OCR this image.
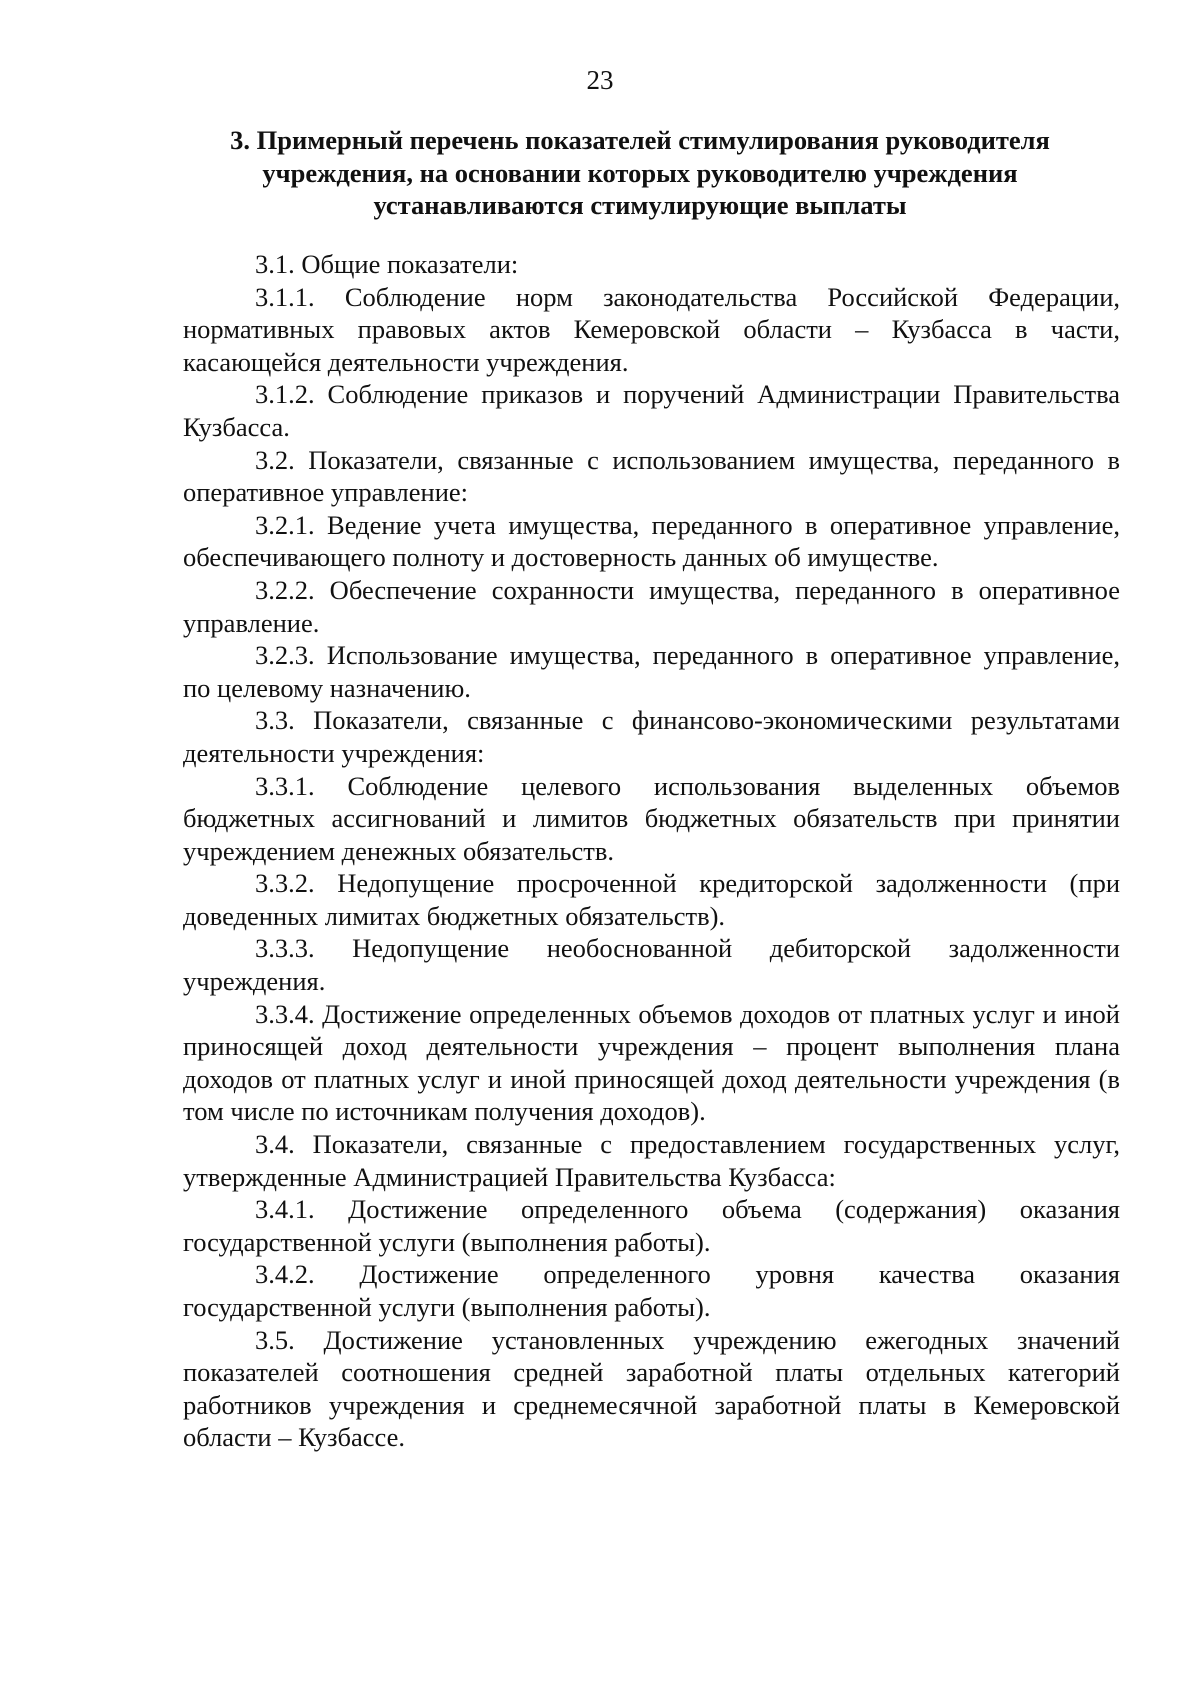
23
3. Примерный перечень показателей стимулирования руководителя
учреждения, на основании которых руководителю учреждения
устанавливаются стимулирующие выплаты

3.1. Общие показатели:

3.1.1. Соблюдение норм законодательства Российской Федерации, нормативных правовых актов Кемеровской области – Кузбасса в части, касающейся деятельности учреждения.

3.1.2. Соблюдение приказов и поручений Администрации Правительства Кузбасса.

3.2. Показатели, связанные с использованием имущества, переданного в оперативное управление:

3.2.1. Ведение учета имущества, переданного в оперативное управление, обеспечивающего полноту и достоверность данных об имуществе.

3.2.2. Обеспечение сохранности имущества, переданного в оперативное управление.

3.2.3. Использование имущества, переданного в оперативное управление, по целевому назначению.

3.3. Показатели, связанные с финансово-экономическими результатами деятельности учреждения:

3.3.1. Соблюдение целевого использования выделенных объемов бюджетных ассигнований и лимитов бюджетных обязательств при принятии учреждением денежных обязательств.

3.3.2. Недопущение просроченной кредиторской задолженности (при доведенных лимитах бюджетных обязательств).

3.3.3. Недопущение необоснованной дебиторской задолженности учреждения.

3.3.4. Достижение определенных объемов доходов от платных услуг и иной приносящей доход деятельности учреждения – процент выполнения плана доходов от платных услуг и иной приносящей доход деятельности учреждения (в том числе по источникам получения доходов).

3.4. Показатели, связанные с предоставлением государственных услуг, утвержденные Администрацией Правительства Кузбасса:

3.4.1. Достижение определенного объема (содержания) оказания государственной услуги (выполнения работы).

3.4.2. Достижение определенного уровня качества оказания государственной услуги (выполнения работы).

3.5. Достижение установленных учреждению ежегодных значений показателей соотношения средней заработной платы отдельных категорий работников учреждения и среднемесячной заработной платы в Кемеровской области – Кузбассе.
